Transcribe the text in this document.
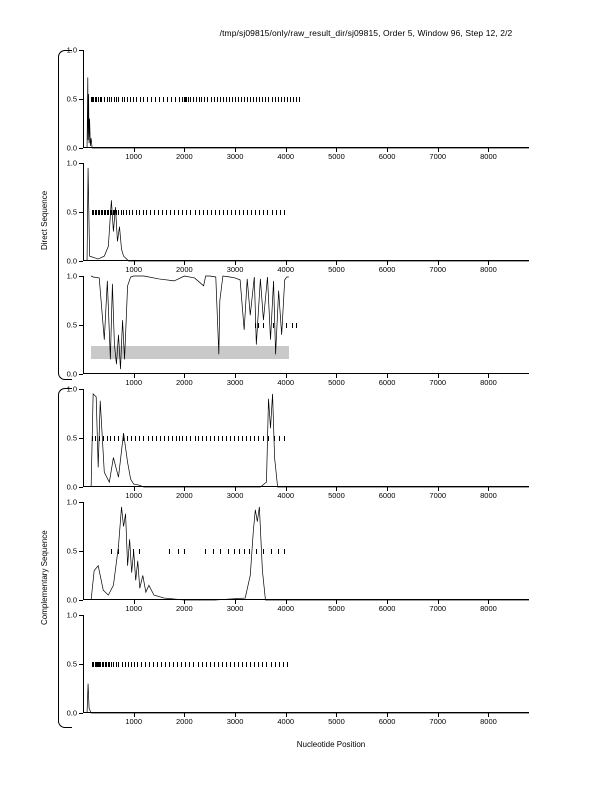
/tmp/sj09815/only/raw_result_dir/sj09815, Order 5, Window 96, Step 12, 2/2
Direct Sequence
Complementary Sequence
Nucleotide Position
0.0
0.5
1.0
1000	2000	3000	4000	5000	6000	7000	8000
0.0
0.5
1.0
1000	2000	3000	4000	5000	6000	7000	8000
0.0
0.5
1.0
1000	2000	3000	4000	5000	6000	7000	8000
0.0
0.5
1.0
1000	2000	3000	4000	5000	6000	7000	8000
0.0
0.5
1.0
1000	2000	3000	4000	5000	6000	7000	8000
0.0
0.5
1.0
1000	2000	3000	4000	5000	6000	7000	8000
